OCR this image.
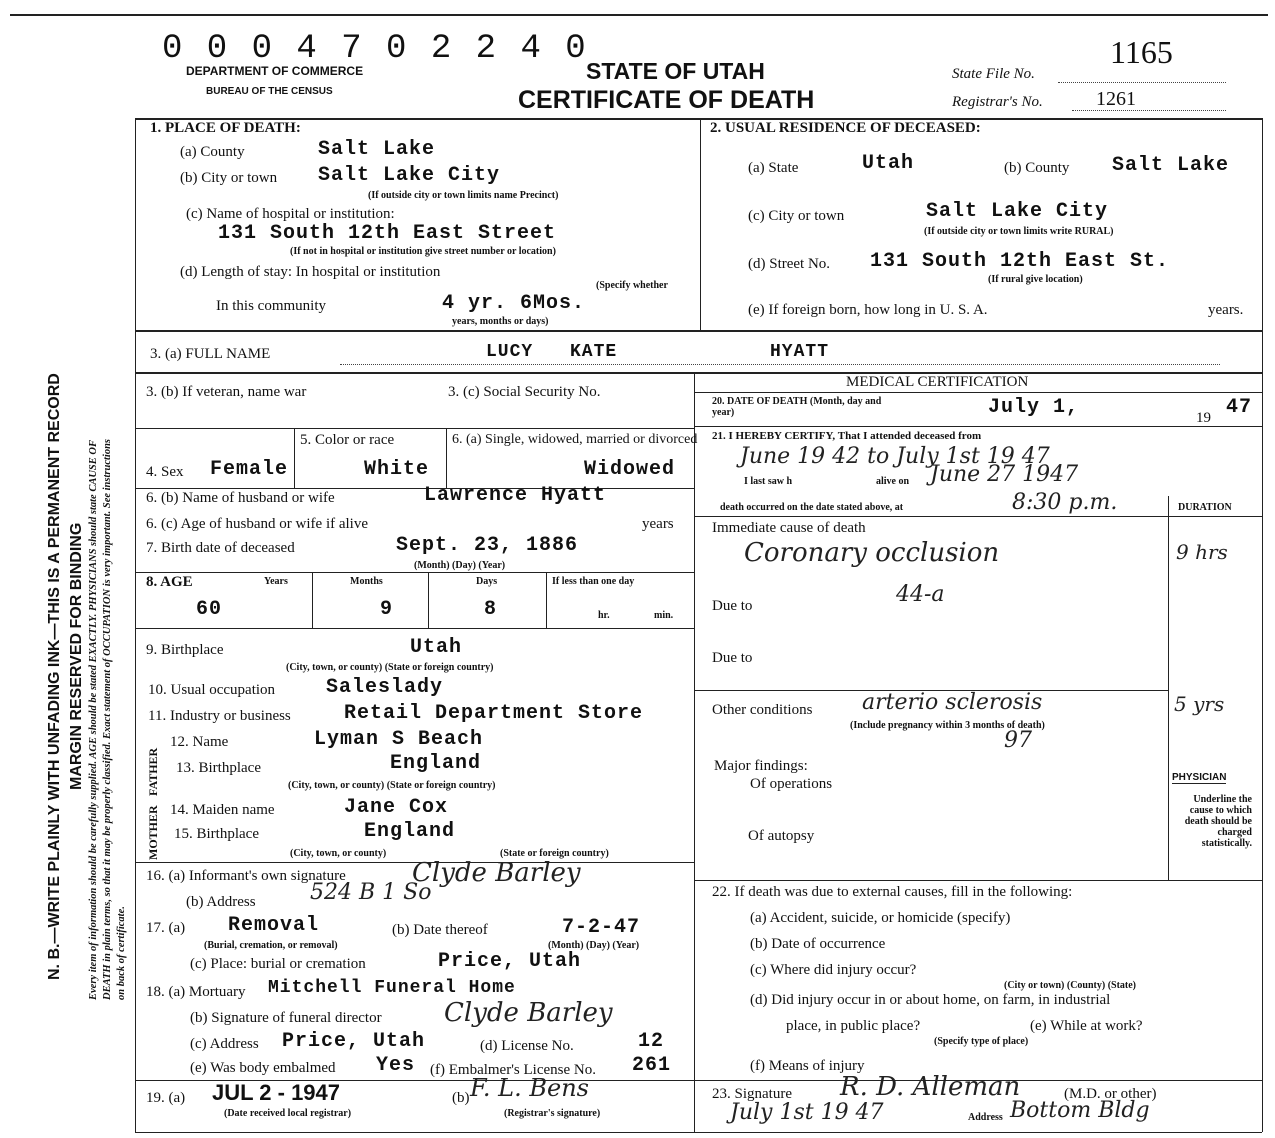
N. B.—WRITE PLAINLY WITH UNFADING INK—THIS IS A PERMANENT RECORD MARGIN RESERVED FOR BINDING Every item of information should be carefully supplied. AGE should be stated EXACTLY. PHYSICIANS should state CAUSE OF DEATH in plain terms, so that it may be properly classified. Exact statement of OCCUPATION is very important. See instructions on back of certificate.
0 0 0 4 7 0 2 2 4 0
DEPARTMENT OF COMMERCE
BUREAU OF THE CENSUS
STATE OF UTAH
CERTIFICATE OF DEATH
State File No.
1165
Registrar's No.	1261
1. PLACE OF DEATH:
(a) County	Salt Lake
(b) City or town Salt Lake City
(If outside city or town limits name Precinct)
(c) Name of hospital or institution:
131 South 12th East Street
(If not in hospital or institution give street number or location)
(d) Length of stay: In hospital or institution
(Specify whether
In this community	4 yr. 6Mos.
years, months or days)
2. USUAL RESIDENCE OF DECEASED:
(a) State	Utah	(b) County Salt Lake
(c) City or town	Salt Lake City
(If outside city or town limits write RURAL)
(d) Street No. 131 South 12th East St.
(If rural give location)
(e) If foreign born, how long in U. S. A.	years.
3. (a) FULL NAME	LUCY KATE	HYATT
3. (b) If veteran, name war	3. (c) Social Security No.
4. Sex Female
5. Color or race
White
6. (a) Single, widowed, married or divorced
Widowed
6. (b) Name of husband or wife	Lawrence Hyatt
6. (c) Age of husband or wife if alive	years
7. Birth date of deceased	Sept. 23, 1886
(Month) (Day) (Year)
8. AGE	Years	Months	Days	If less than one day
60	9	8	hr.	min.
9. Birthplace	Utah
(City, town, or county) (State or foreign country)
10. Usual occupation	Saleslady
11. Industry or business	Retail Department Store
FATHER
MOTHER
12. Name	Lyman S Beach
13. Birthplace	England
(City, town, or county) (State or foreign country)
14. Maiden name	Jane Cox
15. Birthplace	England
(City, town, or county)	(State or foreign country)
16. (a) Informant's own signature	Clyde Barley
(b) Address 524 B 1 So
17. (a) Removal
(Burial, cremation, or removal)
(b) Date thereof	7-2-47
(Month) (Day) (Year)
(c) Place: burial or cremation	Price, Utah
18. (a) Mortuary Mitchell Funeral Home
(b) Signature of funeral director Clyde Barley
(c) Address Price, Utah	(d) License No.	12
(e) Was body embalmed Yes (f) Embalmer's License No. 261
19. (a) JUL 2 - 1947
(Date received local registrar)
(b) F. L. Bens
(Registrar's signature)
MEDICAL CERTIFICATION
20. DATE OF DEATH (Month, day and year)	July 1,	19 47
21. I HEREBY CERTIFY, That I attended deceased from
June 19 42 to July 1st 19 47
I last saw h	alive on June 27 1947
death occurred on the date stated above, at	8:30 p.m.	DURATION
Immediate cause of death
Coronary occlusion	9 hrs
Due to	44-a
Due to
Other conditions arterio sclerosis	5 yrs
(Include pregnancy within 3 months of death)
97
Major findings:
Of operations
Of autopsy
PHYSICIAN
Underline the cause to which death should be charged statistically.
22. If death was due to external causes, fill in the following:
(a) Accident, suicide, or homicide (specify)
(b) Date of occurrence
(c) Where did injury occur?
(City or town) (County) (State)
(d) Did injury occur in or about home, on farm, in industrial
place, in public place?	(e) While at work?
(Specify type of place)
(f) Means of injury
23. Signature R. D. Alleman	(M.D. or other)
July 1st 19 47	Address Bottom Bldg
